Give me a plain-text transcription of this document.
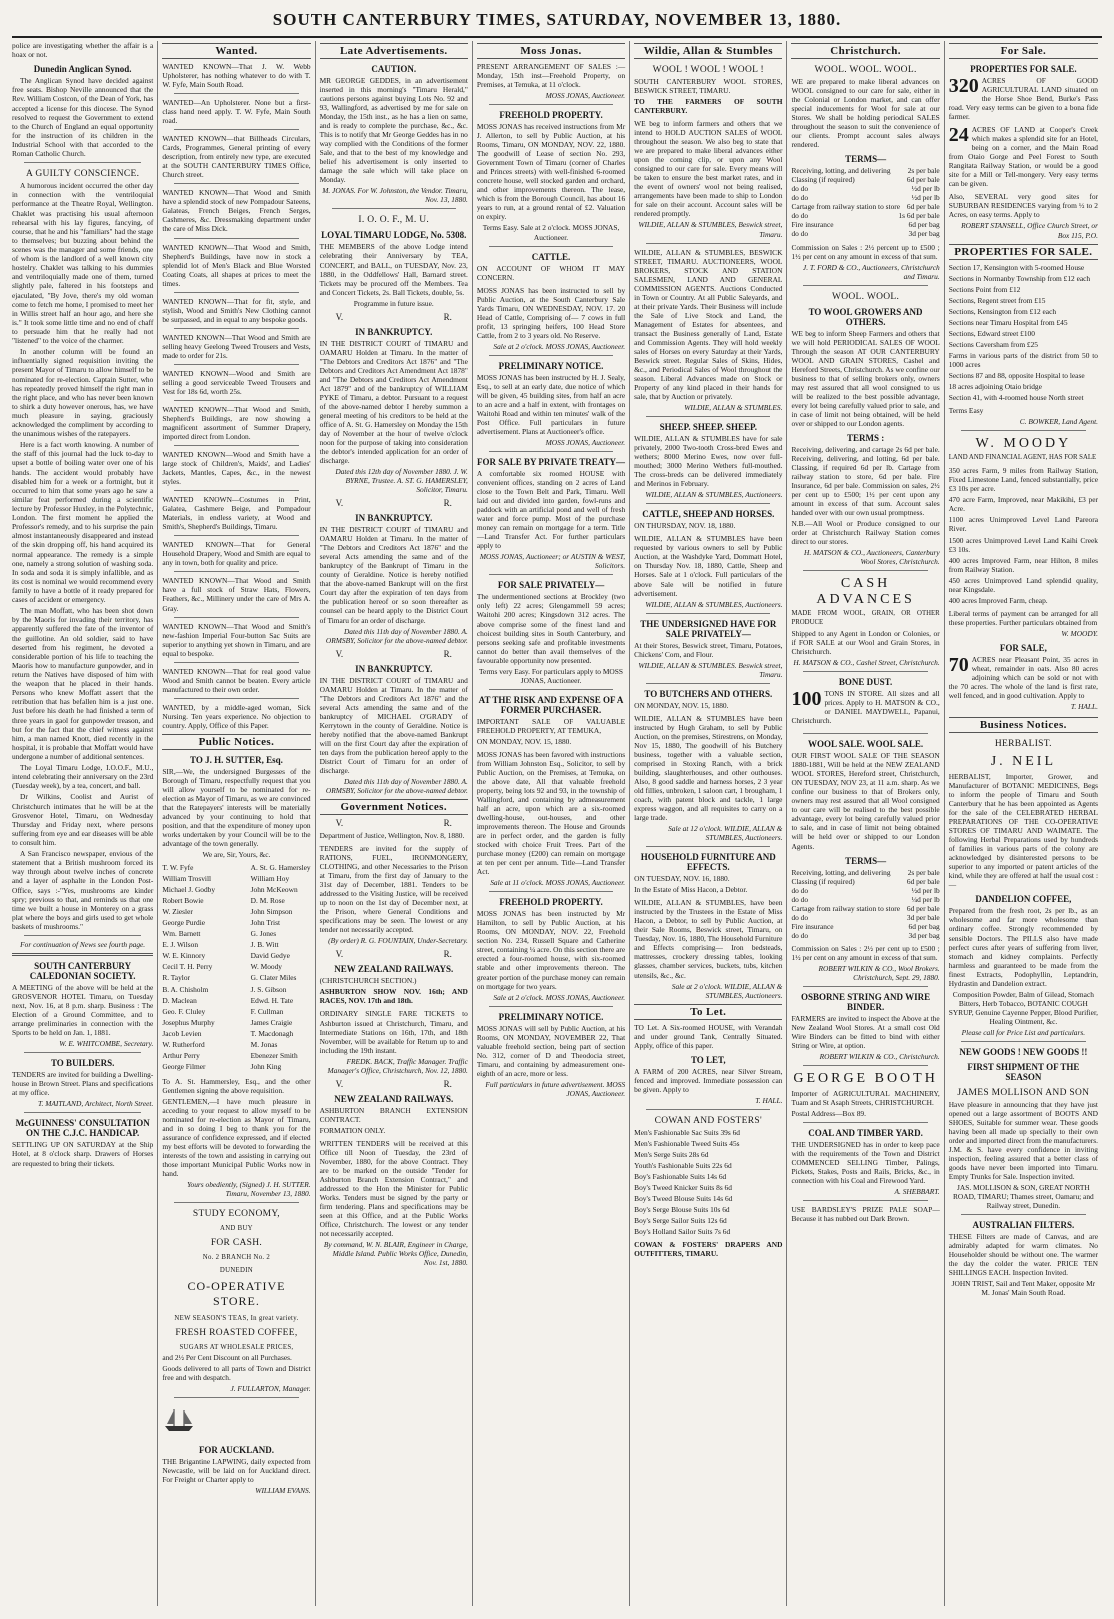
SOUTH CANTERBURY TIMES, SATURDAY, NOVEMBER 13, 1880.

police are investigating whether the affair is a hoax or not.

Dunedin Anglican Synod.

The Anglican Synod have decided against free seats. Bishop Neville announced that the Rev. William Costcon, of the Dean of York, has accepted a license for this diocese. The Synod resolved to request the Government to extend to the Church of England an equal opportunity for the instruction of its children in the Industrial School with that accorded to the Roman Catholic Church.

A GUILTY CONSCIENCE.

A humorous incident occurred the other day in connection with the ventriloquial performance at the Theatre Royal, Wellington. Chaklet was practising his usual afternoon rehearsal with his lay figures, fancying, of course, that he and his "familiars" had the stage to themselves; but buzzing about behind the scenes was the manager and some friends, one of whom is the landlord of a well known city hostelry. Chaklet was talking to his dummies and ventriloquially made one of them, turned slightly pale, faltered in his footsteps and ejaculated, "By Jove, there's my old woman come to fetch me home, I promised to meet her in Willis street half an hour ago, and here she is." It took some little time and no end of chaff to persuade him that he really had not "listened" to the voice of the charmer.

In another column will be found an influentially signed requisition inviting the present Mayor of Timaru to allow himself to be nominated for re-election. Captain Sutter, who has repeatedly proved himself the right man in the right place, and who has never been known to shirk a duty however onerous, has, we have much pleasure in saying, graciously acknowledged the compliment by according to the unanimous wishes of the ratepayers.

Here is a fact worth knowing. A number of the staff of this journal had the luck to-day to upset a bottle of boiling water over one of his hands. The accident would probably have disabled him for a week or a fortnight, but it occurred to him that some years ago he saw a similar feat performed during a scientific lecture by Professor Huxley, in the Polytechnic, London. The first moment he applied the Professor's remedy, and to his surprise the pain almost instantaneously disappeared and instead of the skin dropping off, his hand acquired its normal appearance. The remedy is a simple one, namely a strong solution of washing soda. In soda and soda it is simply infallible, and as its cost is nominal we would recommend every family to have a bottle of it ready prepared for cases of accident or emergency.

The man Moffatt, who has been shot down by the Maoris for invading their territory, has apparently suffered the fate of the inventor of the guillotine. An old soldier, said to have deserted from his regiment, he devoted a considerable portion of his life to teaching the Maoris how to manufacture gunpowder, and in return the Natives have disposed of him with the weapon that he placed in their hands. Persons who knew Moffatt assert that the retribution that has befallen him is a just one. Just before his death he had finished a term of three years in gaol for gunpowder treason, and but for the fact that the chief witness against him, a man named Knott, died recently in the hospital, it is probable that Moffatt would have undergone a number of additional sentences.

The Loyal Timaru Lodge, I.O.O.F., M.U., intend celebrating their anniversary on the 23rd (Tuesday week), by a tea, concert, and ball.

Dr Wilkins, Coolist and Aurist of Christchurch intimates that he will be at the Grosvenor Hotel, Timaru, on Wednesday Thursday and Friday next, where persons suffering from eye and ear diseases will be able to consult him.

A San Francisco newspaper, envious of the statement that a British mushroom forced its way through about twelve inches of concrete and a layer of asphalte in the London Post-Office, says :-"Yes, mushrooms are kinder spry; previous to that, and reminds us that one time we built a house in Monterey on a grass plat where the boys and girls used to get whole baskets of mushrooms."

For continuation of News see fourth page.
SOUTH CANTERBURY CALEDONIAN SOCIETY.

A MEETING of the above will be held at the GROSVENOR HOTEL Timaru, on Tuesday next, Nov. 16, at 8 p.m. sharp. Business : The Election of a Ground Committee, and to arrange preliminaries in connection with the Sports to be held on Jan. 1, 1881.

W. E. WHITCOMBE, Secretary.

TO BUILDERS.

TENDERS are invited for building a Dwelling-house in Brown Street. Plans and specifications at my office.

T. MAITLAND, Architect, North Street.

McGUINNESS' CONSULTATION ON THE C.J.C. HANDICAP.

SETTLING UP ON SATURDAY at the Ship Hotel, at 8 o'clock sharp. Drawers of Horses are requested to bring their tickets.

Wanted.
WANTED KNOWN—That J. W. Webb Upholsterer, has nothing whatever to do with T. W. Fyfe, Main South Road.
WANTED—An Upholsterer. None but a first-class hand need apply. T. W. Fyfe, Main South road.
WANTED KNOWN—that Billheads Circulars, Cards, Programmes, General printing of every description, from entirely new type, are executed at the SOUTH CANTERBURY TIMES Office, Church street.
WANTED KNOWN—That Wood and Smith have a splendid stock of new Pompadour Sateens, Galateas, French Beiges, French Serges, Cashmeres, &c. Dressmaking department under the care of Miss Dick.
WANTED KNOWN—That Wood and Smith, Shepherd's Buildings, have now in stock a splendid lot of Men's Black and Blue Worsted Coating Coats, all shapes at prices to meet the times.
WANTED KNOWN—That for fit, style, and stylish, Wood and Smith's New Clothing cannot be surpassed, and in equal to any bespoke goods.
WANTED KNOWN—That Wood and Smith are selling heavy Geelong Tweed Trousers and Vests, made to order for 21s.
WANTED KNOWN—Wood and Smith are selling a good serviceable Tweed Trousers and Vest for 18s 6d, worth 25s.
WANTED KNOWN—That Wood and Smith, Shepherd's Buildings, are now showing a magnificent assortment of Summer Drapery, imported direct from London.
WANTED KNOWN—Wood and Smith have a large stock of Children's, Maids', and Ladies' Jackets, Mantles, Capes, &c., in the newest styles.
WANTED KNOWN—Costumes in Print, Galatea, Cashmere Beige, and Pompadour Materials, in endless variety, at Wood and Smith's, Shepherd's Buildings, Timaru.
WANTED KNOWN—That for General Household Drapery, Wood and Smith are equal to any in town, both for quality and price.
WANTED KNOWN—That Wood and Smith have a full stock of Straw Hats, Flowers, Feathers, &c., Millinery under the care of Mrs A. Gray.
WANTED KNOWN—That Wood and Smith's new-fashion Imperial Four-button Sac Suits are superior to anything yet shown in Timaru, and are equal to bespoke.
WANTED KNOWN—That for real good value Wood and Smith cannot be beaten. Every article manufactured to their own order.
WANTED, by a middle-aged woman, Sick Nursing. Ten years experience. No objection to country. Apply, Office of this Paper.
Public Notices.
TO J. H. SUTTER, Esq.

SIR,—We, the undersigned Burgesses of the Borough of Timaru, respectfully request that you will allow yourself to be nominated for re-election as Mayor of Timaru, as we are convinced that the Ratepayers' interests will be materially advanced by your continuing to hold that position, and that the expenditure of money upon works undertaken by your Council will be to the advantage of the town generally.

We are, Sir, Yours, &c.

T. W. Fyfe

William Trosvill

Michael J. Godby

Robert Bowie

W. Ziesler

George Purdie

Wm. Barnett

E. J. Wilson

W. E. Kinnory

Cecil T. H. Perry

R. Taylor

B. A. Chisholm

D. Maclean

Geo. F. Cluley

Josephus Murphy

Jacob Levien

W. Rutherford

Arthur Perry

George Filmer

A. St. G. Hamersley

William Hoy

John McKeown

D. M. Rose

John Simpson

John Trist

G. Jones

J. B. Witt

David Gedye

W. Moody

G. Clater Miles

J. S. Gibson

Edwd. H. Tate

F. Cullman

James Craigie

T. Macdonagh

M. Jonas

Ebenezer Smith

John King

To A. St. Hammersley, Esq., and the other Gentlemen signing the above requisition.

GENTLEMEN,—I have much pleasure in acceding to your request to allow myself to be nominated for re-election as Mayor of Timaru, and in so doing I beg to thank you for the assurance of confidence expressed, and if elected my best efforts will be devoted to forwarding the interests of the town and assisting in carrying out those important Municipal Public Works now in hand.

Yours obediently, (Signed) J. H. SUTTER. Timaru, November 13, 1880.

STUDY ECONOMY,
AND BUY
FOR CASH.
No. 2 BRANCH No. 2
DUNEDIN
CO-OPERATIVE STORE.
NEW SEASON'S TEAS, In great variety.
FRESH ROASTED COFFEE,
SUGARS AT WHOLESALE PRICES,

and 2½ Per Cent Discount on all Purchases.

Goods delivered to all parts of Town and District free and with despatch.

J. FULLARTON, Manager.

FOR AUCKLAND.

THE Brigantine LAPWING, daily expected from Newcastle, will be laid on for Auckland direct. For Freight or Charter apply to

WILLIAM EVANS.

Late Advertisements.
CAUTION.

MR GEORGE GEDDES, in an advertisement inserted in this morning's "Timaru Herald," cautions persons against buying Lots No. 92 and 93, Wallingford, as advertised by me for sale on Monday, the 15th inst., as he has a lien on same, and is ready to complete the purchase, &c., &c. This is to notify that Mr George Geddes has in no way complied with the Conditions of the former Sale, and that to the best of my knowledge and belief his advertisement is only inserted to damage the sale which will take place on Monday.

M. JONAS. For W. Johnston, the Vendor. Timaru, Nov. 13, 1880.

I. O. O. F., M. U.
LOYAL TIMARU LODGE, No. 5308.

THE MEMBERS of the above Lodge intend celebrating their Anniversary by TEA, CONCERT, and BALL, on TUESDAY, Nov. 23, 1880, in the Oddfellows' Hall, Barnard street. Tickets may be procured off the Members. Tea and Concert Tickets, 2s. Ball Tickets, double, 5s.

Programme in future issue.

V.	R.
IN BANKRUPTCY.

IN THE DISTRICT COURT of TIMARU and OAMARU Holden at Timaru. In the matter of "The Debtors and Creditors Act 1876" and "The Debtors and Creditors Act Amendment Act 1878" and "The Debtors and Creditors Act Amendment Act 1879" and of the bankruptcy of WILLIAM PYKE of Timaru, a debtor. Pursuant to a request of the above-named debtor I hereby summon a general meeting of his creditors to be held at the office of A. St. G. Hamersley on Monday the 15th day of November at the hour of twelve o'clock noon for the purpose of taking into consideration the debtor's intended application for an order of discharge.

Dated this 12th day of November 1880. J. W. BYRNE, Trustee. A. ST. G. HAMERSLEY, Solicitor, Timaru.

V.	R.
IN BANKRUPTCY.

IN THE DISTRICT COURT of TIMARU and OAMARU Holden at Timaru. In the matter of "The Debtors and Creditors Act 1876" and the several Acts amending the same and of the bankruptcy of the Bankrupt of Timaru in the county of Geraldine. Notice is hereby notified that the above-named Bankrupt will on the first Court day after the expiration of ten days from the publication hereof or so soon thereafter as counsel can be heard apply to the District Court of Timaru for an order of discharge.

Dated this 11th day of November 1880. A. ORMSBY, Solicitor for the above-named debtor.

V.	R.
IN BANKRUPTCY.

IN THE DISTRICT COURT of TIMARU and OAMARU Holden at Timaru. In the matter of "The Debtors and Creditors Act 1876" and the several Acts amending the same and of the bankruptcy of MICHAEL O'GRADY of Kerrytown in the county of Geraldine. Notice is hereby notified that the above-named Bankrupt will on the first Court day after the expiration of ten days from the publication hereof apply to the District Court of Timaru for an order of discharge.

Dated this 11th day of November 1880. A. ORMSBY, Solicitor for the above-named debtor.

Government Notices.
V.	R.

Department of Justice, Wellington, Nov. 8, 1880.

TENDERS are invited for the supply of RATIONS, FUEL, IRONMONGERY, CLOTHING, and other Necessaries to the Prison at Timaru, from the first day of January to the 31st day of December, 1881. Tenders to be addressed to the Visiting Justice, will be received up to noon on the 1st day of December next, at the Prison, where General Conditions and specifications may be seen. The lowest or any tender not necessarily accepted.

(By order) R. G. FOUNTAIN, Under-Secretary.

V.	R.
NEW ZEALAND RAILWAYS.

(CHRISTCHURCH SECTION.)

ASHBURTON SHOW NOV. 16th; AND RACES, NOV. 17th and 18th.

ORDINARY SINGLE FARE TICKETS to Ashburton issued at Christchurch, Timaru, and Intermediate Stations on 16th, 17th, and 18th November, will be available for Return up to and including the 19th instant.

FREDK. BACK, Traffic Manager. Traffic Manager's Office, Christchurch, Nov. 12, 1880.

V.	R.
NEW ZEALAND RAILWAYS.

ASHBURTON BRANCH EXTENSION CONTRACT.

FORMATION ONLY.

WRITTEN TENDERS will be received at this Office till Noon of Tuesday, the 23rd of November, 1880, for the above Contract. They are to be marked on the outside "Tender for Ashburton Branch Extension Contract," and addressed to the Hon the Minister for Public Works. Tenders must be signed by the party or firm tendering. Plans and specifications may be seen at this Office, and at the Public Works Office, Christchurch. The lowest or any tender not necessarily accepted.

By command, W. N. BLAIR, Engineer in Charge, Middle Island. Public Works Office, Dunedin, Nov. 1st, 1880.

Moss Jonas.

PRESENT ARRANGEMENT OF SALES :— Monday, 15th inst—Freehold Property, on Premises, at Temuka, at 11 o'clock.

MOSS JONAS, Auctioneer.

FREEHOLD PROPERTY.

MOSS JONAS has received instructions from Mr J. Allerton, to sell by Public Auction, at his Rooms, Timaru, ON MONDAY, NOV. 22, 1880. The goodwill of Lease of section No. 293, Government Town of Timaru (corner of Charles and Princes streets) with well-finished 6-roomed concrete house, well stocked garden and orchard, and other improvements thereon. The lease, which is from the Borough Council, has about 16 years to run, at a ground rental of £2. Valuation on expiry.

Terms Easy. Sale at 2 o'clock. MOSS JONAS, Auctioneer.

CATTLE.

ON ACCOUNT OF WHOM IT MAY CONCERN.

MOSS JONAS has been instructed to sell by Public Auction, at the South Canterbury Sale Yards Timaru, ON WEDNESDAY, NOV. 17. 20 Head of Cattle, Comprising of— 7 cows in full profit, 13 springing heifers, 100 Head Store Cattle, from 2 to 3 years old. No Reserve.

Sale at 2 o'clock. MOSS JONAS, Auctioneer.

PRELIMINARY NOTICE.

MOSS JONAS has been instructed by H. J. Sealy, Esq., to sell at an early date, due notice of which will be given, 45 building sites, from half an acre to an acre and a half in extent, with frontages on Waitohi Road and within ten minutes' walk of the Post Office. Full particulars in future advertisement. Plans at Auctioneer's office.

MOSS JONAS, Auctioneer.

FOR SALE BY PRIVATE TREATY—

A comfortable six roomed HOUSE with convenient offices, standing on 2 acres of Land close to the Town Belt and Park, Timaru. Well laid out and divided into garden, fowl-runs and paddock with an artificial pond and well of fresh water and force pump. Most of the purchase money can remain on mortgage for a term. Title—Land Transfer Act. For further particulars apply to

MOSS JONAS, Auctioneer; or AUSTIN & WEST, Solicitors.

FOR SALE PRIVATELY—

The undermentioned sections at Brockley (two only left) 22 acres; Glengammell 59 acres; Waitohi 200 acres; Kingsdown 312 acres. The above comprise some of the finest land and choicest building sites in South Canterbury, and persons seeking safe and profitable investments cannot do better than avail themselves of the favourable opportunity now presented.

Terms very Easy. For particulars apply to MOSS JONAS, Auctioneer.

AT THE RISK AND EXPENSE OF A FORMER PURCHASER.

IMPORTANT SALE OF VALUABLE FREEHOLD PROPERTY, AT TEMUKA,

ON MONDAY, NOV. 15, 1880.

MOSS JONAS has been favored with instructions from William Johnston Esq., Solicitor, to sell by Public Auction, on the Premises, at Temuka, on the above date, All that valuable freehold property, being lots 92 and 93, in the township of Wallingford, and containing by admeasurement half an acre, upon which are a six-roomed dwelling-house, out-houses, and other improvements thereon. The House and Grounds are in perfect order, and the garden is fully stocked with choice Fruit Trees. Part of the purchase money (£200) can remain on mortgage at ten per cent per annum. Title—Land Transfer Act.

Sale at 11 o'clock. MOSS JONAS, Auctioneer.

FREEHOLD PROPERTY.

MOSS JONAS has been instructed by Mr Hamilton, to sell by Public Auction, at his Rooms, ON MONDAY, NOV. 22, Freehold section No. 234, Russell Square and Catherine street, containing ¼ acre. On this section there are erected a four-roomed house, with six-roomed stable and other improvements thereon. The greater portion of the purchase money can remain on mortgage for two years.

Sale at 2 o'clock. MOSS JONAS, Auctioneer.

PRELIMINARY NOTICE.

MOSS JONAS will sell by Public Auction, at his Rooms, ON MONDAY, NOVEMBER 22, That valuable freehold section, being part of section No. 312, corner of D and Theodocia street, Timaru, and containing by admeasurement one-eighth of an acre, more or less.

Full particulars in future advertisement. MOSS JONAS, Auctioneer.

Wildie, Allan & Stumbles
WOOL ! WOOL ! WOOL !

SOUTH CANTERBURY WOOL STORES, BESWICK STREET, TIMARU.

TO THE FARMERS OF SOUTH CANTERBURY.

WE beg to inform farmers and others that we intend to HOLD AUCTION SALES of WOOL throughout the season. We also beg to state that we are prepared to make liberal advances either upon the coming clip, or upon any Wool consigned to our care for sale. Every means will be taken to ensure the best market rates, and in the event of owners' wool not being realised, arrangements have been made to ship to London for sale on their account. Account sales will be rendered promptly.

WILDIE, ALLAN & STUMBLES, Beswick street, Timaru.

WILDIE, ALLAN & STUMBLES, BESWICK STREET, TIMARU. AUCTIONEERS, WOOL BROKERS, STOCK AND STATION SALESMEN, LAND AND GENERAL COMMISSION AGENTS. Auctions Conducted in Town or Country. At all Public Saleyards, and at their private Yards. Their Business will include the Sale of Live Stock and Land, the Management of Estates for absentees, and transact the Business generally of Land, Estate and Commission Agents. They will hold weekly sales of Horses on every Saturday at their Yards, Beswick street. Regular Sales of Skins, Hides, &c., and Periodical Sales of Wool throughout the season. Liberal Advances made on Stock or Property of any kind placed in their hands for sale, that by Auction or privately.

WILDIE, ALLAN & STUMBLES.

SHEEP. SHEEP. SHEEP.

WILDIE, ALLAN & STUMBLES have for sale privately, 2000 Two-tooth Cross-bred Ewes and wethers; 8000 Merino Ewes, now over full-mouthed; 3000 Merino Wethers full-mouthed. The cross-breds can be delivered immediately and Merinos in February.

WILDIE, ALLAN & STUMBLES, Auctioneers.

CATTLE, SHEEP AND HORSES.

ON THURSDAY, NOV. 18, 1880.

WILDIE, ALLAN & STUMBLES have been requested by various owners to sell by Public Auction, at the Washdyke Yard, Dommatt Hotel, on Thursday Nov. 18, 1880, Cattle, Sheep and Horses. Sale at 1 o'clock. Full particulars of the above Sale will be notified in future advertisement.

WILDIE, ALLAN & STUMBLES, Auctioneers.

THE UNDERSIGNED HAVE FOR SALE PRIVATELY—

At their Stores, Beswick street, Timaru, Potatoes, Chickens' Corn, and Flour.

WILDIE, ALLAN & STUMBLES. Beswick street, Timaru.

TO BUTCHERS AND OTHERS.

ON MONDAY, NOV. 15, 1880.

WILDIE, ALLAN & STUMBLES have been instructed by Hugh Graham, to sell by Public Auction, on the premises, Stirestrens, on Monday, Nov 15, 1880, The goodwill of his Butchery business, together with a valuable section, comprised in Stoxing Ranch, with a brick building, slaughterhouses, and other outhouses. Also, 8 good saddle and harness horses, 2 3 year old fillies, unbroken, 1 saloon cart, 1 brougham, 1 coach, with patent block and tackle, 1 large express waggon, and all requisites to carry on a large trade.

Sale at 12 o'clock. WILDIE, ALLAN & STUMBLES, Auctioneers.

HOUSEHOLD FURNITURE AND EFFECTS.

ON TUESDAY, NOV. 16, 1880.

In the Estate of Miss Hacon, a Debtor.

WILDIE, ALLAN & STUMBLES, have been instructed by the Trustees in the Estate of Miss Hacon, a Debtor, to sell by Public Auction, at their Sale Rooms, Beswick street, Timaru, on Tuesday, Nov. 16, 1880, The Household Furniture and Effects comprising— Iron bedsteads, mattresses, crockery dressing tables, looking glasses, chamber services, buckets, tubs, kitchen utensils, &c., &c.

Sale at 2 o'clock. WILDIE, ALLAN & STUMBLES, Auctioneers.

To Let.

TO Let. A Six-roomed HOUSE, with Verandah and under ground Tank, Centrally Situated. Apply, office of this paper.

TO LET,

A FARM of 200 ACRES, near Silver Stream, fenced and improved. Immediate possession can be given. Apply to

T. HALL.

COWAN AND FOSTERS'

Men's Fashionable Sac Suits 39s 6d

Men's Fashionable Tweed Suits 45s

Men's Serge Suits 28s 6d

Youth's Fashionable Suits 22s 6d

Boy's Fashionable Suits 14s 6d

Boy's Tweed Knicker Suits 8s 6d

Boy's Tweed Blouse Suits 14s 6d

Boy's Serge Blouse Suits 10s 6d

Boy's Serge Sailor Suits 12s 6d

Boy's Holland Sailor Suits 7s 6d

COWAN & FOSTERS' DRAPERS AND OUTFITTERS, TIMARU.

Christchurch.
WOOL. WOOL. WOOL.

WE are prepared to make liberal advances on WOOL consigned to our care for sale, either in the Colonial or London market, and can offer special inducements for Wool for sale at our Stores. We shall be holding periodical SALES throughout the season to suit the convenience of our clients. Prompt account sales always rendered.

TERMS—
Receiving, lotting, and delivering 2s per bale
Classing (if required)	6d per bale
do do	½d per lb
do do	½d per lb
Cartage from railway station to store 6d per bale
do do	1s 6d per bale
Fire insurance	6d per bag
do do	3d per bag

Commission on Sales : 2½ percent up to £500 ; 1½ per cent on any amount in excess of that sum.

J. T. FORD & CO., Auctioneers, Christchurch and Timaru.

WOOL. WOOL.
TO WOOL GROWERS AND OTHERS.

WE beg to inform Sheep Farmers and others that we will hold PERIODICAL SALES OF WOOL Through the season AT OUR CANTERBURY WOOL AND GRAIN STORES, Cashel and Hereford Streets, Christchurch. As we confine our business to that of selling brokers only, owners may rest assured that all wool consigned to us will be realized to the best possible advantage, every lot being carefully valued prior to sale, and in case of limit not being obtained, will be held over or shipped to our London agents.

TERMS :

Receiving, delivering, and cartage 2s 6d per bale. Receiving, delivering, and lotting, 6d per bale. Classing, if required 6d per lb. Cartage from railway station to store, 6d per bale. Fire Insurance, 6d per bale. Commission on sales, 2½ per cent up to £500; 1½ per cent upon any amount in excess of that sum. Account sales handed over with our own usual promptness.

N.B.—All Wool or Produce consigned to our order at Christchurch Railway Station comes direct to our stores.

H. MATSON & CO., Auctioneers, Canterbury Wool Stores, Christchurch.

CASH ADVANCES

MADE FROM WOOL, GRAIN, OR OTHER PRODUCE

Shipped to any Agent in London or Colonies, or if FOR SALE at our Wool and Grain Stores, in Christchurch.

H. MATSON & CO., Cashel Street, Christchurch.

BONE DUST.
100 TONS IN STORE. All sizes and all prices. Apply to H. MATSON & CO., or DANIEL MAYDWELL, Papanui, Christchurch.

WOOL SALE. WOOL SALE.

OUR FIRST WOOL SALE OF THE SEASON 1880-1881, Will be held at the NEW ZEALAND WOOL STORES, Hereford street, Christchurch, ON TUESDAY, NOV 23, at 11 a.m. sharp. As we confine our business to that of Brokers only, owners may rest assured that all Wool consigned to our care will be realised to the best possible advantage, every lot being carefully valued prior to sale, and in case of limit not being obtained will be held over or shipped to our London Agents.

TERMS—
Receiving, lotting, and delivering 2s per bale
Classing (if required)	6d per bale
do do	½d per lb
do do	¼d per lb
Cartage from railway station to store 6d per bale
do do	3d per bale
Fire insurance	6d per bag
do do	3d per bag

Commission on Sales : 2½ per cent up to £500 ; 1½ per cent on any amount in excess of that sum.

ROBERT WILKIN & CO., Wool Brokers. Christchurch, Sept. 29, 1880.

OSBORNE STRING AND WIRE BINDER.

FARMERS are invited to inspect the Above at the New Zealand Wool Stores. At a small cost Old Wire Binders can be fitted to bind with either String or Wire, at option.

ROBERT WILKIN & CO., Christchurch.

GEORGE BOOTH

Importer of AGRICULTURAL MACHINERY, Tuam and St Asaph Streets, CHRISTCHURCH.

Postal Address—Box 89.

COAL AND TIMBER YARD.

THE UNDERSIGNED has in order to keep pace with the requirements of the Town and District COMMENCED SELLING Timber, Palings, Pickets, Stakes, Posts and Rails, Bricks, &c., in connection with his Coal and Firewood Yard.

A. SHEBBART.

USE BARDSLEY'S PRIZE PALE SOAP—Because it has nubbed out Dark Brown.

For Sale.
PROPERTIES FOR SALE.
320 ACRES OF GOOD AGRICULTURAL LAND situated on the Horse Shoe Bend, Burke's Pass road. Very easy terms can be given to a bona fide farmer.

24 ACRES OF LAND at Cooper's Creek which makes a splendid site for an Hotel, being on a corner, and the Main Road from Otaio Gorge and Peel Forest to South Rangitata Railway Station, or would be a good site for a Mill or Tell-mongery. Very easy terms can be given.

Also, SEVERAL very good sites for SUBURBAN RESIDENCES varying from ½ to 2 Acres, on easy terms. Apply to

ROBERT STANSELL, Office Church Street, or Box 115, P.O.

PROPERTIES FOR SALE.

Section 17, Kensington with 5-roomed House

Sections in Normanby Township from £12 each

Sections Point from £12

Sections, Regent street from £15

Sections, Kensington from £12 each

Sections near Timaru Hospital from £45

Sections, Edward street £100

Sections Caversham from £25

Farms in various parts of the district from 50 to 1000 acres

Sections 87 and 88, opposite Hospital to lease

18 acres adjoining Otaio bridge

Section 41, with 4-roomed house North street

Terms Easy

C. BOWKER, Land Agent.

W. MOODY

LAND AND FINANCIAL AGENT, HAS FOR SALE

350 acres Farm, 9 miles from Railway Station, Fixed Limestone Land, fenced substantially, price £3 10s per acre.

470 acre Farm, Improved, near Makikihi, £3 per Acre.

1100 acres Unimproved Level Land Pareora River.

1500 acres Unimproved Level Land Kaihi Creek £3 10s.

400 acres Improved Farm, near Hilton, 8 miles from Railway Station.

450 acres Unimproved Land splendid quality, near Kingsdale.

400 acres Improved Farm, cheap.

Liberal terms of payment can be arranged for all these properties. Further particulars obtained from

W. MOODY.

FOR SALE,
70 ACRES near Pleasant Point, 35 acres in wheat, remainder in oats. Also 80 acres adjoining which can be sold or not with the 70 acres. The whole of the land is first rate, well fenced, and in good cultivation. Apply to

T. HALL.

Business Notices.
HERBALIST.
J. NEIL

HERBALIST, Importer, Grower, and Manufacturer of BOTANIC MEDICINES, Begs to inform the people of Timaru and South Canterbury that he has been appointed as Agents for the sale of the CELEBRATED HERBAL PREPARATIONS OF THE CO-OPERATIVE STORES OF TIMARU AND WAIMATE. The following Herbal Preparations used by hundreds of families in various parts of the colony are acknowledged by disinterested persons to be superior to any imported or patent articles of the kind, while they are offered at half the usual cost :—

DANDELION COFFEE,

Prepared from the fresh root, 2s per lb., as an wholesome and far more wholesome than ordinary coffee. Strongly recommended by sensible Doctors. The PILLS also have made perfect cures after years of suffering from liver, stomach and kidney complaints. Perfectly harmless and guaranteed to be made from the finest Extracts, Podophyllin, Leptandrin, Hydrastin and Dandelion extract.

Composition Powder, Balm of Gilead, Stomach Bitters, Herb Tobacco, BOTANIC COUGH SYRUP, Genuine Cayenne Pepper, Blood Purifier, Healing Ointment, &c.

Please call for Price List and particulars.

NEW GOODS ! NEW GOODS !!
FIRST SHIPMENT OF THE SEASON
JAMES MOLLISON AND SON

Have pleasure in announcing that they have just opened out a large assortment of BOOTS AND SHOES, Suitable for summer wear. These goods having been all made up specially to their own order and imported direct from the manufacturers. J.M. & S. have every confidence in inviting inspection, feeling assured that a better class of goods have never been imported into Timaru. Empty Trunks for Sale. Inspection invited.

JAS. MOLLISON & SON, GREAT NORTH ROAD, TIMARU; Thames street, Oamaru; and Railway street, Dunedin.

AUSTRALIAN FILTERS.

THESE Filters are made of Canvas, and are admirably adapted for warm climates. No Householder should be without one. The warmer the day the colder the water. PRICE TEN SHILLINGS EACH. Inspection Invited.

JOHN TRIST, Sail and Tent Maker, opposite Mr M. Jonas' Main South Road.
